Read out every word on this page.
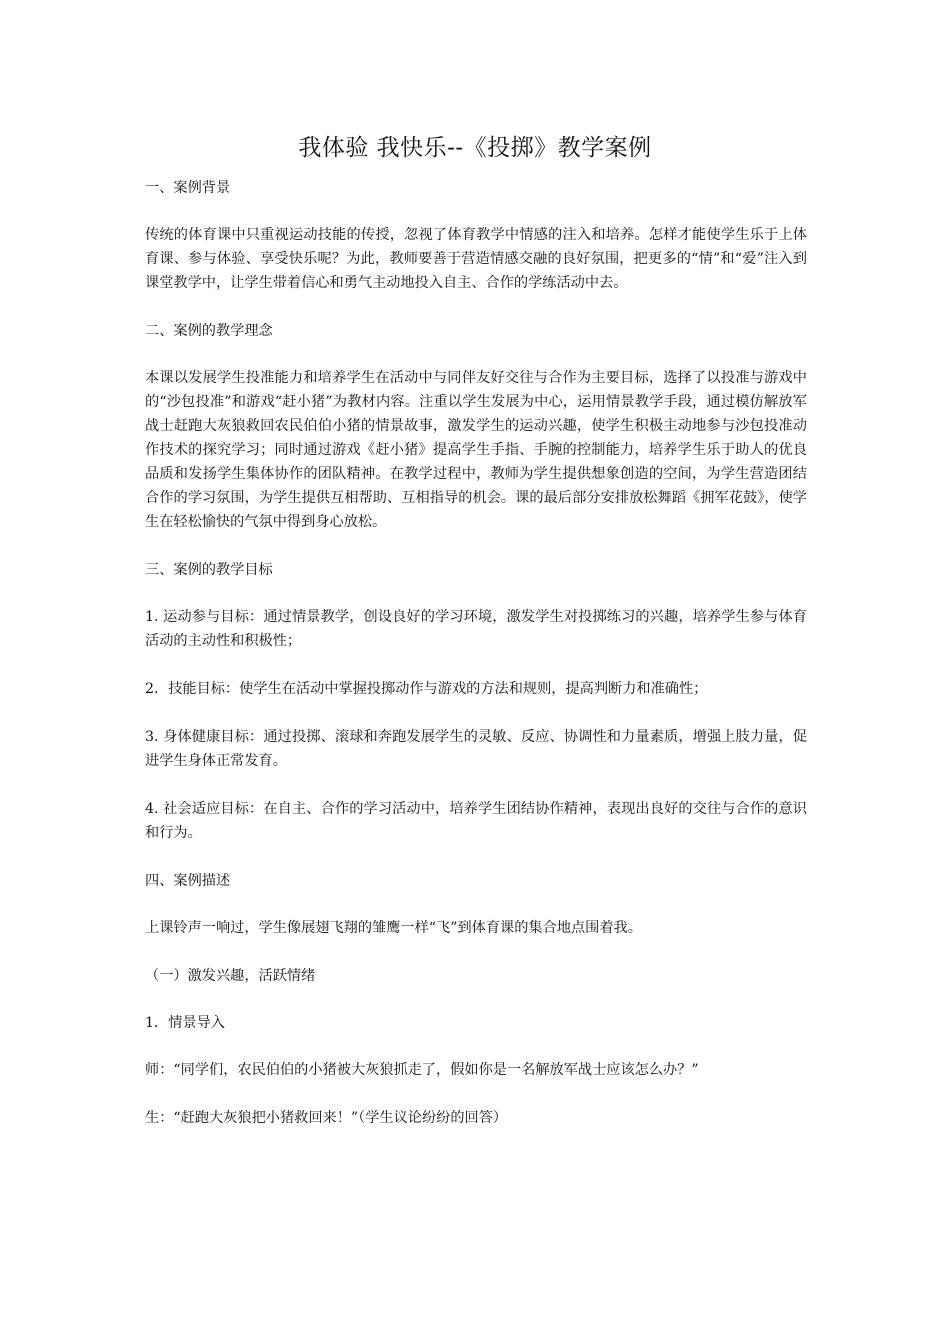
我体验 我快乐--《投掷》教学案例

一、案例背景

传统的体育课中只重视运动技能的传授，忽视了体育教学中情感的注入和培养。怎样才能使学生乐于上体育课、参与体验、享受快乐呢？为此，教师要善于营造情感交融的良好氛围，把更多的“情”和“爱”注入到课堂教学中，让学生带着信心和勇气主动地投入自主、合作的学练活动中去。

二、案例的教学理念

本课以发展学生投准能力和培养学生在活动中与同伴友好交往与合作为主要目标，选择了以投准与游戏中的“沙包投准”和游戏“赶小猪”为教材内容。注重以学生发展为中心，运用情景教学手段，通过模仿解放军战士赶跑大灰狼救回农民伯伯小猪的情景故事，激发学生的运动兴趣，使学生积极主动地参与沙包投准动作技术的探究学习；同时通过游戏《赶小猪》提高学生手指、手腕的控制能力，培养学生乐于助人的优良品质和发扬学生集体协作的团队精神。在教学过程中，教师为学生提供想象创造的空间，为学生营造团结合作的学习氛围，为学生提供互相帮助、互相指导的机会。课的最后部分安排放松舞蹈《拥军花鼓》，使学生在轻松愉快的气氛中得到身心放松。

三、案例的教学目标

1. 运动参与目标：通过情景教学，创设良好的学习环境，激发学生对投掷练习的兴趣，培养学生参与体育活动的主动性和积极性；

2．技能目标：使学生在活动中掌握投掷动作与游戏的方法和规则，提高判断力和准确性；

3. 身体健康目标：通过投掷、滚球和奔跑发展学生的灵敏、反应、协调性和力量素质，增强上肢力量，促进学生身体正常发育。

4. 社会适应目标：在自主、合作的学习活动中，培养学生团结协作精神，表现出良好的交往与合作的意识和行为。

四、案例描述

上课铃声一响过，学生像展翅飞翔的雏鹰一样“飞”到体育课的集合地点围着我。

（一）激发兴趣，活跃情绪

1．情景导入

师：“同学们，农民伯伯的小猪被大灰狼抓走了，假如你是一名解放军战士应该怎么办？”

生：“赶跑大灰狼把小猪救回来！”（学生议论纷纷的回答）
